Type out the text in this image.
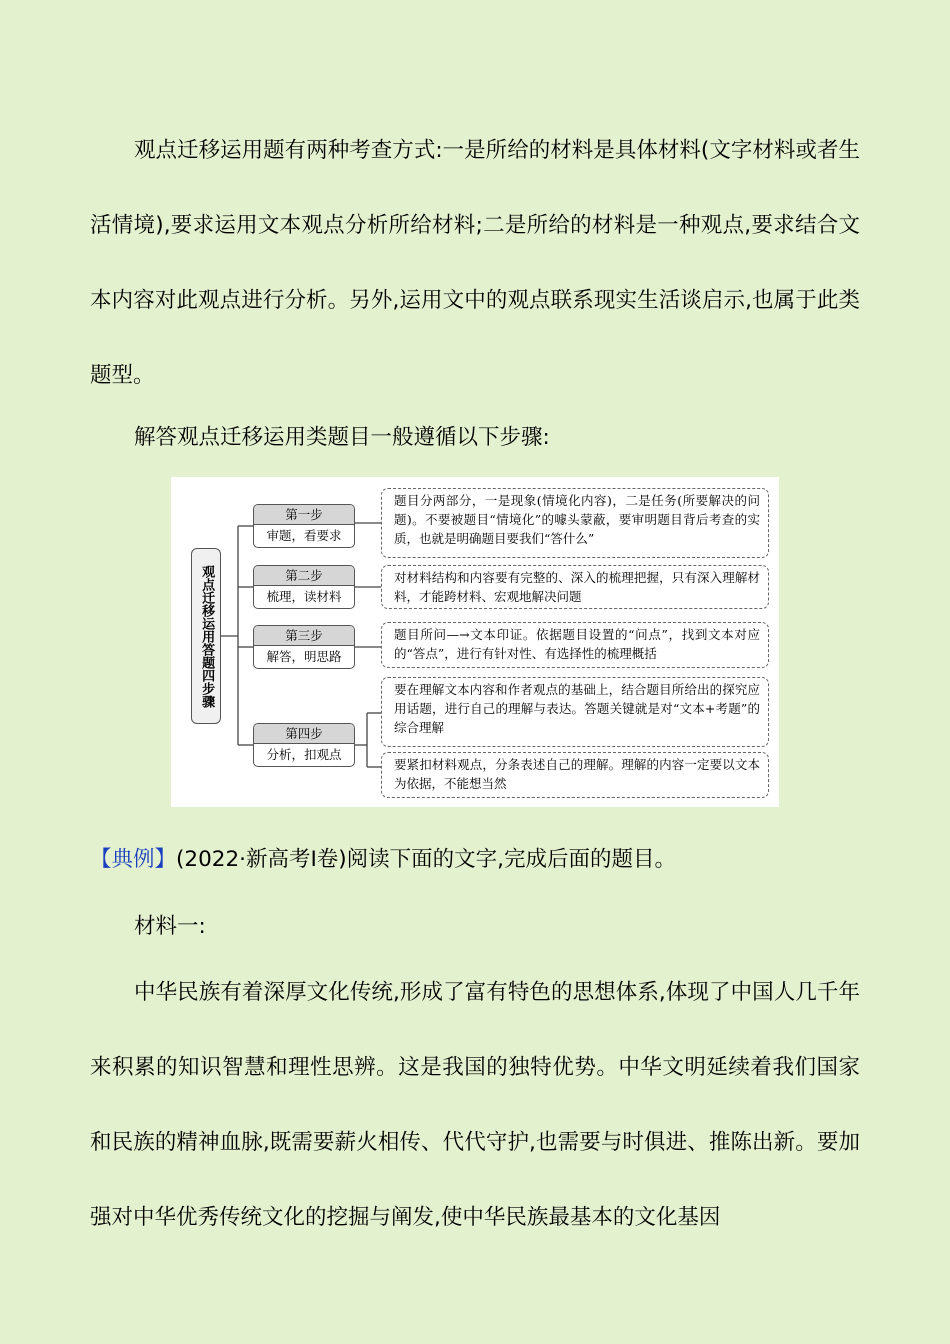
观点迁移运用题有两种考查方式:一是所给的材料是具体材料(文字材料或者生活情境),要求运用文本观点分析所给材料;二是所给的材料是一种观点,要求结合文本内容对此观点进行分析。另外,运用文中的观点联系现实生活谈启示,也属于此类题型。

解答观点迁移运用类题目一般遵循以下步骤:

观点迁移运用答题四步骤
第一步
审题，看要求
第二步
梳理，读材料
第三步
解答，明思路
第四步
分析，扣观点
题目分两部分，一是现象(情境化内容)，二是任务(所要解决的问题)。不要被题目“情境化”的噱头蒙蔽，要审明题目背后考查的实质，也就是明确题目要我们“答什么”
对材料结构和内容要有完整的、深入的梳理把握，只有深入理解材料，才能跨材料、宏观地解决问题
题目所问—→文本印证。依据题目设置的“问点”，找到文本对应的“答点”，进行有针对性、有选择性的梳理概括
要在理解文本内容和作者观点的基础上，结合题目所给出的探究应用话题，进行自己的理解与表达。答题关键就是对“文本+考题”的综合理解
要紧扣材料观点，分条表述自己的理解。理解的内容一定要以文本为依据，不能想当然
【典例】(2022·新高考Ⅰ卷)阅读下面的文字,完成后面的题目。

材料一:

中华民族有着深厚文化传统,形成了富有特色的思想体系,体现了中国人几千年来积累的知识智慧和理性思辨。这是我国的独特优势。中华文明延续着我们国家和民族的精神血脉,既需要薪火相传、代代守护,也需要与时俱进、推陈出新。要加强对中华优秀传统文化的挖掘与阐发,使中华民族最基本的文化基因
